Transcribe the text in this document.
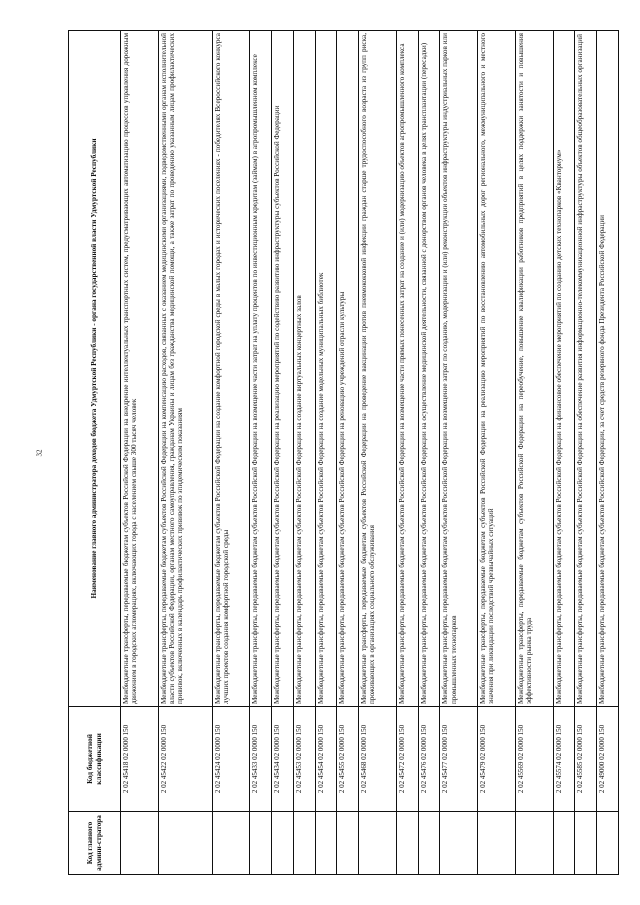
32
Код главного админи-стратора	Код бюджетной классификации	Наименование главного администратора доходов бюджета Удмуртской Республики - органа государственной власти Удмуртской Республики
	2 02 45418 02 0000 150	Межбюджетные трансферты, передаваемые бюджетам субъектов Российской Федерации на внедрение интеллектуальных транспортных систем, предусматривающих автоматизацию процессов управления дорожным движением в городских агломерациях, включающих города с населением свыше 300 тысяч человек
	2 02 45422 02 0000 150	Межбюджетные трансферты, передаваемые бюджетам субъектов Российской Федерации на компенсацию расходов, связанных с оказанием медицинскими организациями, подведомственными органам исполнительной власти субъектов Российской Федерации, органам местного самоуправления, гражданам Украины и лицам без гражданства медицинской помощи, а также затрат по проведению указанным лицам профилактических прививок, включенных в календарь профилактических прививок по эпидемическим показаниям
	2 02 45424 02 0000 150	Межбюджетные трансферты, передаваемые бюджетам субъектов Российской Федерации на создание комфортной городской среды в малых городах и исторических поселениях - победителях Всероссийского конкурса лучших проектов создания комфортной городской среды
	2 02 45433 02 0000 150	Межбюджетные трансферты, передаваемые бюджетам субъектов Российской Федерации на возмещение части затрат на уплату процентов по инвестиционным кредитам (займам) в агропромышленном комплексе
	2 02 45434 02 0000 150	Межбюджетные трансферты, передаваемые бюджетам субъектов Российской Федерации на реализацию мероприятий по содействию развитию инфраструктуры субъектов Российской Федерации
	2 02 45453 02 0000 150	Межбюджетные трансферты, передаваемые бюджетам субъектов Российской Федерации на создание виртуальных концертных залов
	2 02 45454 02 0000 150	Межбюджетные трансферты, передаваемые бюджетам субъектов Российской Федерации на создание модельных муниципальных библиотек
	2 02 45455 02 0000 150	Межбюджетные трансферты, передаваемые бюджетам субъектов Российской Федерации на реновацию учреждений отрасли культуры
	2 02 45468 02 0000 150	Межбюджетные трансферты, передаваемые бюджетам субъектов Российской Федерации на проведение вакцинации против пневмококковой инфекции граждан старше трудоспособного возраста из групп риска, проживающих в организациях социального обслуживания
	2 02 45472 02 0000 150	Межбюджетные трансферты, передаваемые бюджетам субъектов Российской Федерации на возмещение части прямых понесенных затрат на создание и (или) модернизацию объектов агропромышленного комплекса
	2 02 45476 02 0000 150	Межбюджетные трансферты, передаваемые бюджетам субъектов Российской Федерации на осуществление медицинской деятельности, связанной с донорством органов человека в целях трансплантации (пересадки)
	2 02 45477 02 0000 150	Межбюджетные трансферты, передаваемые бюджетам субъектов Российской Федерации на возмещение затрат по созданию, модернизации и (или) реконструкции объектов инфраструктуры индустриальных парков или промышленных технопарков
	2 02 45479 02 0000 150	Межбюджетные трансферты, передаваемые бюджетам субъектов Российской Федерации на реализацию мероприятий по восстановлению автомобильных дорог регионального, межмуниципального и местного значения при ликвидации последствий чрезвычайных ситуаций
	2 02 45569 02 0000 150	Межбюджетные трансферты, передаваемые бюджетам субъектов Российской Федерации на переобучение, повышение квалификации работников предприятий в целях поддержки занятости и повышения эффективности рынка труда
	2 02 45574 02 0000 150	Межбюджетные трансферты, передаваемые бюджетам субъектов Российской Федерации на финансовое обеспечение мероприятий по созданию детских технопарков «Кванториум»
	2 02 45585 02 0000 150	Межбюджетные трансферты, передаваемые бюджетам субъектов Российской Федерации на обеспечение развития информационно-телекоммуникационной инфраструктуры объектов общеобразовательных организаций
	2 02 49000 02 0000 150	Межбюджетные трансферты, передаваемые бюджетам субъектов Российской Федерации, за счет средств резервного фонда Президента Российской Федерации
